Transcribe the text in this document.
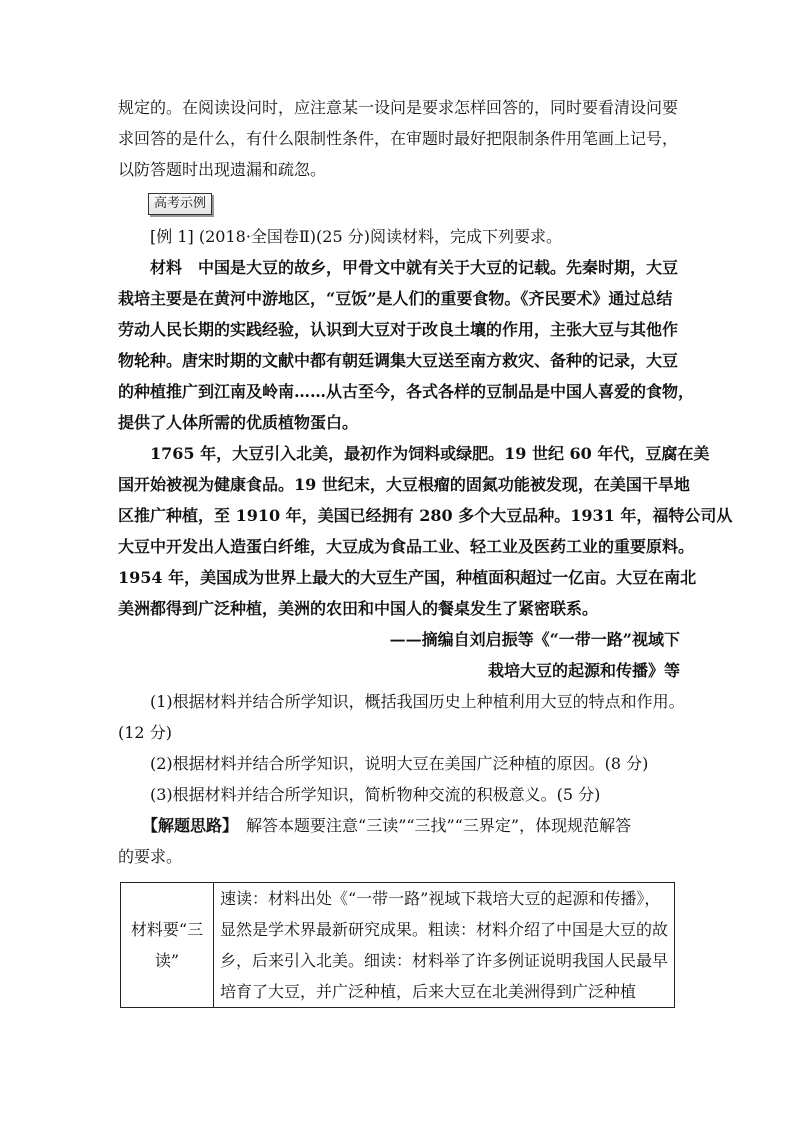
规定的。在阅读设问时，应注意某一设问是要求怎样回答的，同时要看清设问要
求回答的是什么，有什么限制性条件，在审题时最好把限制条件用笔画上记号，
以防答题时出现遗漏和疏忽。
高考示例
[例 1] (2018·全国卷Ⅱ)(25 分)阅读材料，完成下列要求。
材料　中国是大豆的故乡，甲骨文中就有关于大豆的记载。先秦时期，大豆
栽培主要是在黄河中游地区，“豆饭”是人们的重要食物。《齐民要术》通过总结
劳动人民长期的实践经验，认识到大豆对于改良土壤的作用，主张大豆与其他作
物轮种。唐宋时期的文献中都有朝廷调集大豆送至南方救灾、备种的记录，大豆
的种植推广到江南及岭南……从古至今，各式各样的豆制品是中国人喜爱的食物，
提供了人体所需的优质植物蛋白。
1765 年，大豆引入北美，最初作为饲料或绿肥。19 世纪 60 年代，豆腐在美
国开始被视为健康食品。19 世纪末，大豆根瘤的固氮功能被发现，在美国干旱地
区推广种植，至 1910 年，美国已经拥有 280 多个大豆品种。1931 年，福特公司从
大豆中开发出人造蛋白纤维，大豆成为食品工业、轻工业及医药工业的重要原料。
1954 年，美国成为世界上最大的大豆生产国，种植面积超过一亿亩。大豆在南北
美洲都得到广泛种植，美洲的农田和中国人的餐桌发生了紧密联系。
——摘编自刘启振等《“一带一路”视域下
栽培大豆的起源和传播》等
(1)根据材料并结合所学知识，概括我国历史上种植利用大豆的特点和作用。
(12 分)
(2)根据材料并结合所学知识，说明大豆在美国广泛种植的原因。(8 分)
(3)根据材料并结合所学知识，简析物种交流的积极意义。(5 分)
【解题思路】　解答本题要注意“三读”“三找”“三界定”，体现规范解答
的要求。
材料要“三
读”

速读：材料出处《“一带一路”视域下栽培大豆的起源和传播》，
显然是学术界最新研究成果。粗读：材料介绍了中国是大豆的故
乡，后来引入北美。细读：材料举了许多例证说明我国人民最早
培育了大豆，并广泛种植，后来大豆在北美洲得到广泛种植
